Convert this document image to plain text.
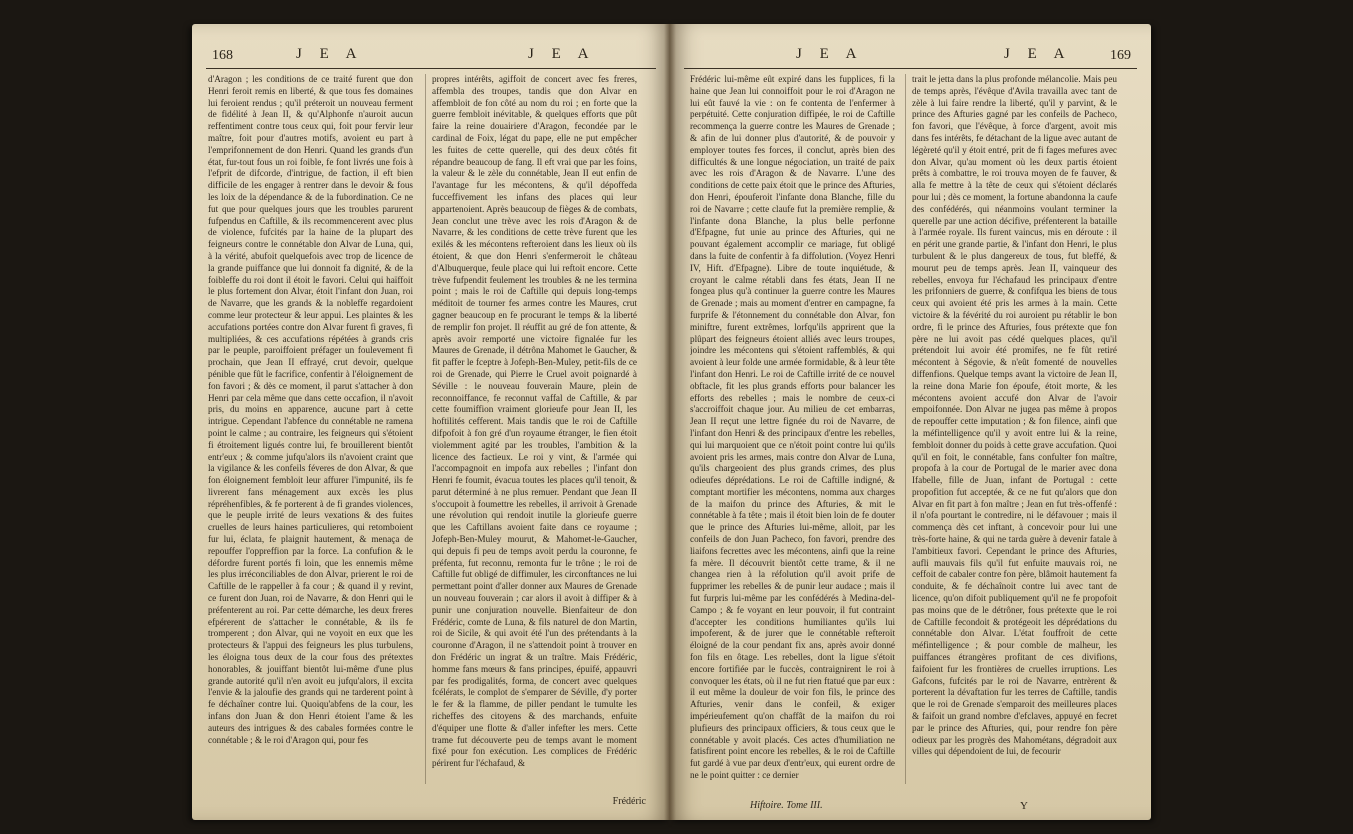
168	J E A	J E A
d'Aragon ; les conditions de ce traité furent que don Henri feroit remis en liberté, & que tous fes domaines lui feroient rendus ; qu'il préteroit un nouveau ferment de fidélité à Jean II, & qu'Alphonfe n'auroit aucun reffentiment contre tous ceux qui, foit pour fervir leur maître, foit pour d'autres motifs, avoient eu part à l'emprifonnement de don Henri. Quand les grands d'un état, fur-tout fous un roi foible, fe font livrés une fois à l'efprit de difcorde, d'intrigue, de faction, il eft bien difficile de les engager à rentrer dans le devoir & fous les loix de la dépendance & de la fubordination. Ce ne fut que pour quelques jours que les troubles parurent fufpendus en Caftille, & ils recommencerent avec plus de violence, fufcités par la haine de la plupart des feigneurs contre le connétable don Alvar de Luna, qui, à la vérité, abufoit quelquefois avec trop de licence de la grande puiffance que lui donnoit fa dignité, & de la foibleffe du roi dont il étoit le favori. Celui qui haïffoit le plus fortement don Alvar, étoit l'infant don Juan, roi de Navarre, que les grands & la nobleffe regardoient comme leur protecteur & leur appui. Les plaintes & les accufations portées contre don Alvar furent fi graves, fi multipliées, & ces accufations répétées à grands cris par le peuple, paroiffoient préfager un foulevement fi prochain, que Jean II effrayé, crut devoir, quelque pénible que fût le facrifice, confentir à l'éloignement de fon favori ; & dès ce moment, il parut s'attacher à don Henri par cela même que dans cette occafion, il n'avoit pris, du moins en apparence, aucune part à cette intrigue. Cependant l'abfence du connétable ne ramena point le calme ; au contraire, les feigneurs qui s'étoient fi étroitement ligués contre lui, fe brouillerent bientôt entr'eux ; & comme jufqu'alors ils n'avoient craint que la vigilance & les confeils féveres de don Alvar, & que fon éloignement fembloit leur affurer l'impunité, ils fe livrerent fans ménagement aux excès les plus répréhenfibles, & fe porterent à de fi grandes violences, que le peuple irrité de leurs vexations & des fuites cruelles de leurs haines particulieres, qui retomboient fur lui, éclata, fe plaignit hautement, & menaça de repouffer l'oppreffion par la force. La confufion & le défordre furent portés fi loin, que les ennemis même les plus irréconciliables de don Alvar, prierent le roi de Caftille de le rappeller à fa cour ; & quand il y revint, ce furent don Juan, roi de Navarre, & don Henri qui le préfenterent au roi. Par cette démarche, les deux freres efpérerent de s'attacher le connétable, & ils fe tromperent ; don Alvar, qui ne voyoit en eux que les protecteurs & l'appui des feigneurs les plus turbulens, les éloigna tous deux de la cour fous des prétextes honorables, & jouiffant bientôt lui-même d'une plus grande autorité qu'il n'en avoit eu jufqu'alors, il excita l'envie & la jaloufie des grands qui ne tarderent point à fe déchaîner contre lui. Quoiqu'abfens de la cour, les infans don Juan & don Henri étoient l'ame & les auteurs des intrigues & des cabales formées contre le connétable ; & le roi d'Aragon qui, pour fes
propres intérêts, agiffoit de concert avec fes freres, affembla des troupes, tandis que don Alvar en affembloit de fon côté au nom du roi ; en forte que la guerre fembloit inévitable, & quelques efforts que pût faire la reine douairiere d'Aragon, fecondée par le cardinal de Foix, légat du pape, elle ne put empêcher les fuites de cette querelle, qui des deux côtés fit répandre beaucoup de fang. Il eft vrai que par les foins, la valeur & le zèle du connétable, Jean II eut enfin de l'avantage fur les mécontens, & qu'il dépoffeda fucceffivement les infans des places qui leur appartenoient. Après beaucoup de fièges & de combats, Jean conclut une trève avec les rois d'Aragon & de Navarre, & les conditions de cette trève furent que les exilés & les mécontens refteroient dans les lieux où ils étoient, & que don Henri s'enfermeroit le château d'Albuquerque, feule place qui lui reftoit encore. Cette trève fufpendit feulement les troubles & ne les termina point ; mais le roi de Caftille qui depuis long-temps méditoit de tourner fes armes contre les Maures, crut gagner beaucoup en fe procurant le temps & la liberté de remplir fon projet. Il réuffit au gré de fon attente, & après avoir remporté une victoire fignalée fur les Maures de Grenade, il détrôna Mahomet le Gaucher, & fit paffer le fceptre à Jofeph-Ben-Muley, petit-fils de ce roi de Grenade, qui Pierre le Cruel avoit poignardé à Séville : le nouveau fouverain Maure, plein de reconnoiffance, fe reconnut vaffal de Caftille, & par cette foumiffion vraiment glorieufe pour Jean II, les hoftilités cefferent. Mais tandis que le roi de Caftille difpofoit à fon gré d'un royaume étranger, le fien étoit violemment agité par les troubles, l'ambition & la licence des factieux. Le roi y vint, & l'armée qui l'accompagnoit en impofa aux rebelles ; l'infant don Henri fe foumit, évacua toutes les places qu'il tenoit, & parut déterminé à ne plus remuer. Pendant que Jean II s'occupoit à foumettre les rebelles, il arrivoit à Grenade une révolution qui rendoit inutile la glorieufe guerre que les Caftillans avoient faite dans ce royaume ; Jofeph-Ben-Muley mourut, & Mahomet-le-Gaucher, qui depuis fi peu de temps avoit perdu la couronne, fe préfenta, fut reconnu, remonta fur le trône ; le roi de Caftille fut obligé de diffimuler, les circonftances ne lui permettant point d'aller donner aux Maures de Grenade un nouveau fouverain ; car alors il avoit à diffiper & à punir une conjuration nouvelle. Bienfaiteur de don Frédéric, comte de Luna, & fils naturel de don Martin, roi de Sicile, & qui avoit été l'un des prétendants à la couronne d'Aragon, il ne s'attendoit point à trouver en don Frédéric un ingrat & un traître. Mais Frédéric, homme fans mœurs & fans principes, épuifé, appauvri par fes prodigalités, forma, de concert avec quelques fcélérats, le complot de s'emparer de Séville, d'y porter le fer & la flamme, de piller pendant le tumulte les richeffes des citoyens & des marchands, enfuite d'équiper une flotte & d'aller infefter les mers. Cette trame fut découverte peu de temps avant le moment fixé pour fon exécution. Les complices de Frédéric périrent fur l'échafaud, &
Frédéric
J E A	J E A	169
Frédéric lui-même eût expiré dans les fupplices, fi la haine que Jean lui connoiffoit pour le roi d'Aragon ne lui eût fauvé la vie : on fe contenta de l'enfermer à perpétuité. Cette conjuration diffipée, le roi de Caftille recommença la guerre contre les Maures de Grenade ; & afin de lui donner plus d'autorité, & de pouvoir y employer toutes fes forces, il conclut, après bien des difficultés & une longue négociation, un traité de paix avec les rois d'Aragon & de Navarre. L'une des conditions de cette paix étoit que le prince des Afturies, don Henri, épouferoit l'infante dona Blanche, fille du roi de Navarre ; cette claufe fut la première remplie, & l'infante dona Blanche, la plus belle perfonne d'Efpagne, fut unie au prince des Afturies, qui ne pouvant également accomplir ce mariage, fut obligé dans la fuite de confentir à fa diffolution. (Voyez Henri IV, Hift. d'Efpagne). Libre de toute inquiétude, & croyant le calme rétabli dans fes états, Jean II ne fongea plus qu'à continuer la guerre contre les Maures de Grenade ; mais au moment d'entrer en campagne, fa furprife & l'étonnement du connétable don Alvar, fon miniftre, furent extrêmes, lorfqu'ils apprirent que la plûpart des feigneurs étoient alliés avec leurs troupes, joindre les mécontens qui s'étoient raffemblés, & qui avoient à leur folde une armée formidable, & à leur tête l'infant don Henri. Le roi de Caftille irrité de ce nouvel obftacle, fit les plus grands efforts pour balancer les efforts des rebelles ; mais le nombre de ceux-ci s'accroiffoit chaque jour. Au milieu de cet embarras, Jean II reçut une lettre fignée du roi de Navarre, de l'infant don Henri & des principaux d'entre les rebelles, qui lui marquoient que ce n'étoit point contre lui qu'ils avoient pris les armes, mais contre don Alvar de Luna, qu'ils chargeoient des plus grands crimes, des plus odieufes déprédations. Le roi de Caftille indigné, & comptant mortifier les mécontens, nomma aux charges de la maifon du prince des Afturies, & mit le connétable à fa tête ; mais il étoit bien loin de fe douter que le prince des Afturies lui-même, alloit, par les confeils de don Juan Pacheco, fon favori, prendre des liaifons fecrettes avec les mécontens, ainfi que la reine fa mère. Il découvrit bientôt cette trame, & il ne changea rien à la réfolution qu'il avoit prife de fupprimer les rebelles & de punir leur audace ; mais il fut furpris lui-même par les confédérés à Medina-del-Campo ; & fe voyant en leur pouvoir, il fut contraint d'accepter les conditions humiliantes qu'ils lui impoferent, & de jurer que le connétable refteroit éloigné de la cour pendant fix ans, après avoir donné fon fils en ôtage. Les rebelles, dont la ligue s'étoit encore fortifiée par le fuccès, contraignirent le roi à convoquer les états, où il ne fut rien ftatué que par eux : il eut même la douleur de voir fon fils, le prince des Afturies, venir dans le confeil, & exiger impérieufement qu'on chaffât de la maifon du roi plufieurs des principaux officiers, & tous ceux que le connétable y avoit placés. Ces actes d'humiliation ne fatisfirent point encore les rebelles, & le roi de Caftille fut gardé à vue par deux d'entr'eux, qui eurent ordre de ne le point quitter : ce dernier
trait le jetta dans la plus profonde mélancolie. Mais peu de temps après, l'évêque d'Avila travailla avec tant de zèle à lui faire rendre la liberté, qu'il y parvint, & le prince des Afturies gagné par les confeils de Pacheco, fon favori, que l'évêque, à force d'argent, avoit mis dans fes intérêts, fe détachant de la ligue avec autant de légèreté qu'il y étoit entré, prit de fi fages mefures avec don Alvar, qu'au moment où les deux partis étoient prêts à combattre, le roi trouva moyen de fe fauver, & alla fe mettre à la tête de ceux qui s'étoient déclarés pour lui ; dès ce moment, la fortune abandonna la caufe des confédérés, qui néanmoins voulant terminer la querelle par une action décifive, préfenterent la bataille à l'armée royale. Ils furent vaincus, mis en déroute : il en périt une grande partie, & l'infant don Henri, le plus turbulent & le plus dangereux de tous, fut bleffé, & mourut peu de temps après. Jean II, vainqueur des rebelles, envoya fur l'échafaud les principaux d'entre les prifonniers de guerre, & confifqua les biens de tous ceux qui avoient été pris les armes à la main. Cette victoire & la févérité du roi auroient pu rétablir le bon ordre, fi le prince des Afturies, fous prétexte que fon père ne lui avoit pas cédé quelques places, qu'il prétendoit lui avoir été promifes, ne fe fût retiré mécontent à Ségovie, & n'eût fomenté de nouvelles diffenfions. Quelque temps avant la victoire de Jean II, la reine dona Marie fon époufe, étoit morte, & les mécontens avoient accufé don Alvar de l'avoir empoifonnée. Don Alvar ne jugea pas même à propos de repouffer cette imputation ; & fon filence, ainfi que la méfintelligence qu'il y avoit entre lui & la reine, fembloit donner du poids à cette grave accufation. Quoi qu'il en foit, le connétable, fans confulter fon maître, propofa à la cour de Portugal de le marier avec dona Ifabelle, fille de Juan, infant de Portugal : cette propofition fut acceptée, & ce ne fut qu'alors que don Alvar en fit part à fon maître ; Jean en fut très-offenfé : il n'ofa pourtant le contredire, ni le défavouer ; mais il commença dès cet inftant, à concevoir pour lui une très-forte haine, & qui ne tarda guère à devenir fatale à l'ambitieux favori. Cependant le prince des Afturies, aufli mauvais fils qu'il fut enfuite mauvais roi, ne ceffoit de cabaler contre fon père, blâmoit hautement fa conduite, & fe déchaînoit contre lui avec tant de licence, qu'on difoit publiquement qu'il ne fe propofoit pas moins que de le détrôner, fous prétexte que le roi de Caftille fecondoit & protégeoit les déprédations du connétable don Alvar. L'état fouffroit de cette méfintelligence ; & pour comble de malheur, les puiffances étrangères profitant de ces divifions, faifoient fur les frontières de cruelles irruptions. Les Gafcons, fufcités par le roi de Navarre, entrèrent & porterent la dévaftation fur les terres de Caftille, tandis que le roi de Grenade s'emparoit des meilleures places & faifoit un grand nombre d'efclaves, appuyé en fecret par le prince des Afturies, qui, pour rendre fon père odieux par les progrès des Mahométans, dégradoit aux villes qui dépendoient de lui, de fecourir
Hiftoire. Tome III.	Y
